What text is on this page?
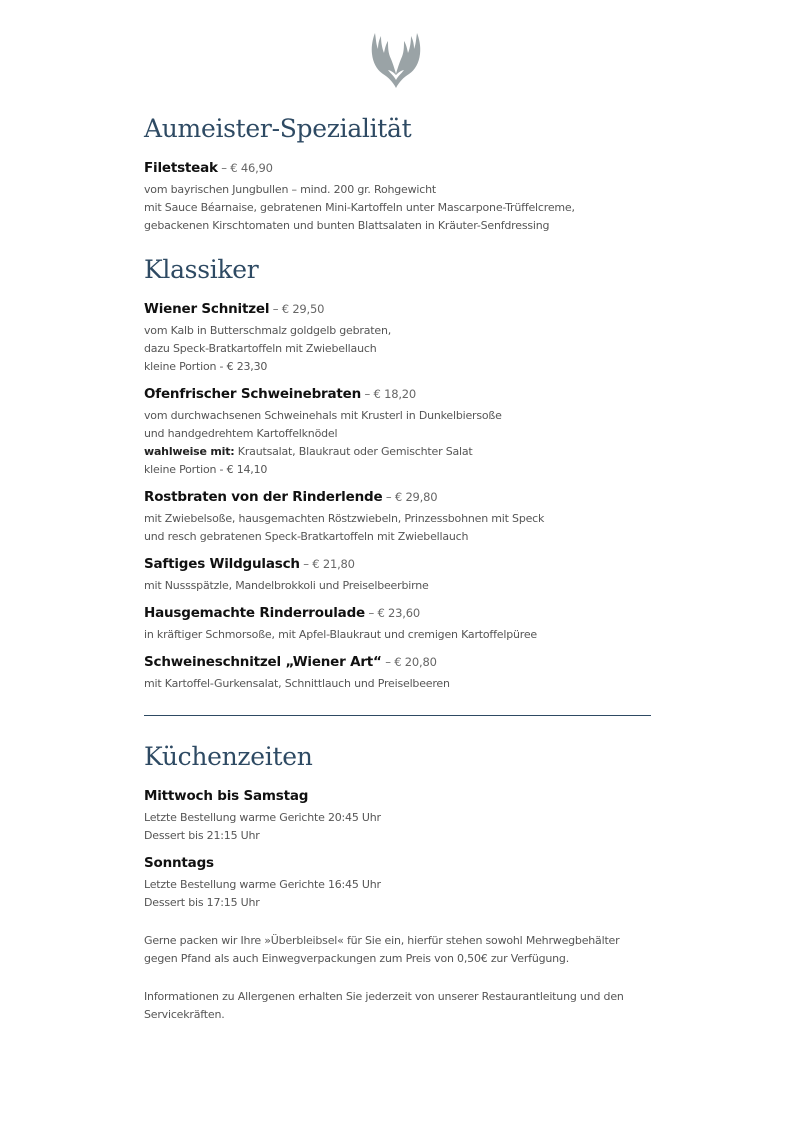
Aumeister-Spezialität
Filetsteak – € 46,90
vom bayrischen Jungbullen – mind. 200 gr. Rohgewicht
mit Sauce Béarnaise, gebratenen Mini-Kartoffeln unter Mascarpone-Trüffelcreme,
gebackenen Kirschtomaten und bunten Blattsalaten in Kräuter-Senfdressing
Klassiker
Wiener Schnitzel – € 29,50
vom Kalb in Butterschmalz goldgelb gebraten,
dazu Speck-Bratkartoffeln mit Zwiebellauch
kleine Portion - € 23,30
Ofenfrischer Schweinebraten – € 18,20
vom durchwachsenen Schweinehals mit Krusterl in Dunkelbiersoße
und handgedrehtem Kartoffelknödel
wahlweise mit: Krautsalat, Blaukraut oder Gemischter Salat
kleine Portion - € 14,10
Rostbraten von der Rinderlende – € 29,80
mit Zwiebelsoße, hausgemachten Röstzwiebeln, Prinzessbohnen mit Speck
und resch gebratenen Speck-Bratkartoffeln mit Zwiebellauch
Saftiges Wildgulasch – € 21,80
mit Nussspätzle, Mandelbrokkoli und Preiselbeerbirne
Hausgemachte Rinderroulade – € 23,60
in kräftiger Schmorsoße, mit Apfel-Blaukraut und cremigen Kartoffelpüree
Schweineschnitzel „Wiener Art“ – € 20,80
mit Kartoffel-Gurkensalat, Schnittlauch und Preiselbeeren
Küchenzeiten
Mittwoch bis Samstag
Letzte Bestellung warme Gerichte 20:45 Uhr
Dessert bis 21:15 Uhr
Sonntags
Letzte Bestellung warme Gerichte 16:45 Uhr
Dessert bis 17:15 Uhr
Gerne packen wir Ihre »Überbleibsel« für Sie ein, hierfür stehen sowohl Mehrwegbehälter
gegen Pfand als auch Einwegverpackungen zum Preis von 0,50€ zur Verfügung.
Informationen zu Allergenen erhalten Sie jederzeit von unserer Restaurantleitung und den
Servicekräften.
